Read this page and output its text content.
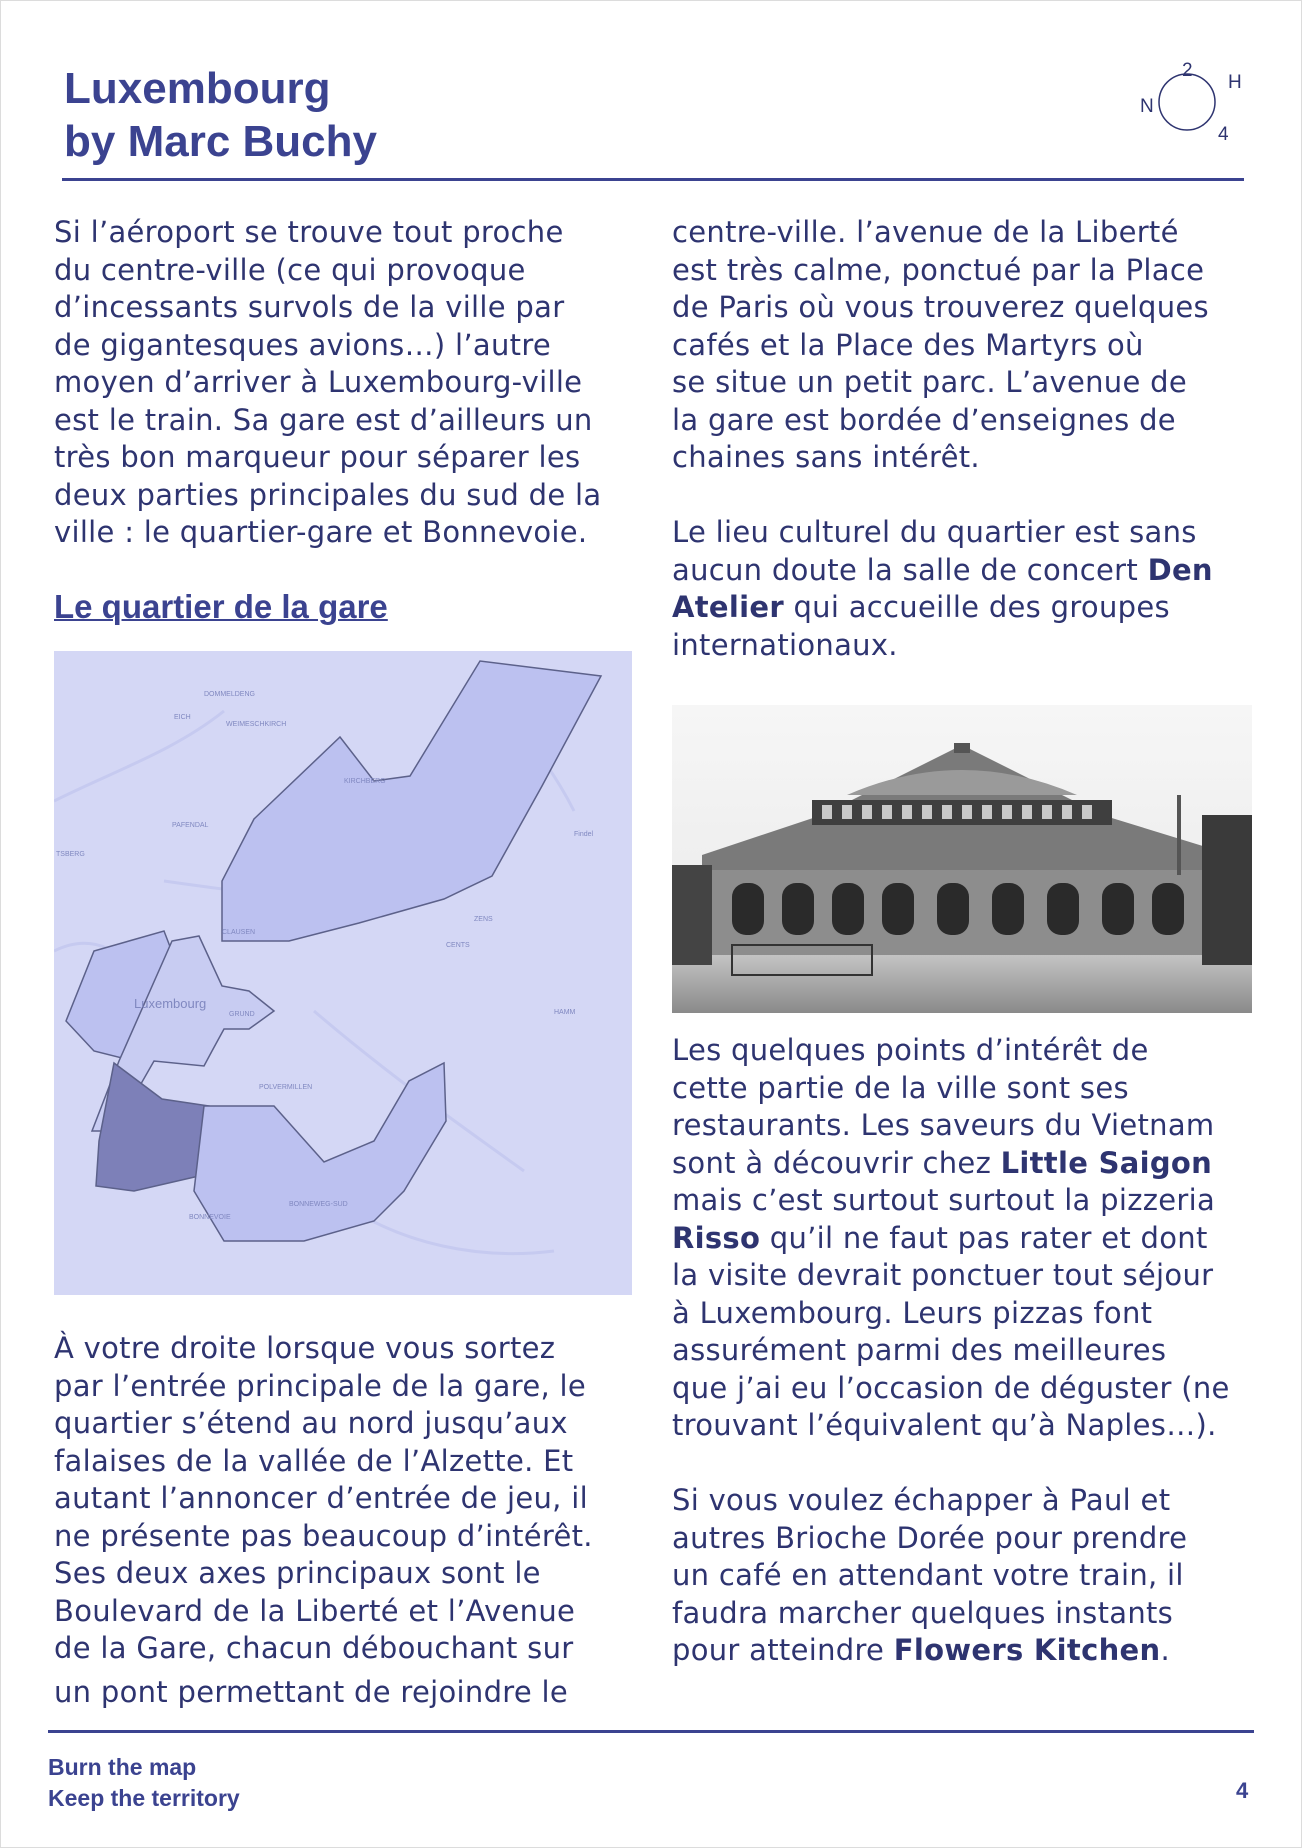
Luxembourg
by Marc Buchy
2
N
H
4
Si l’aéroport se trouve tout proche
du centre-ville (ce qui provoque
d’incessants survols de la ville par
de gigantesques avions…) l’autre
moyen d’arriver à Luxembourg-ville
est le train. Sa gare est d’ailleurs un
très bon marqueur pour séparer les
deux parties principales du sud de la
ville : le quartier-gare et Bonnevoie.
Le quartier de la gare
DOMMELDENG
EICH
WEIMESCHKIRCH
KIRCHBERG
PAFENDAL
TSBERG
Findel
CLAUSEN
ZENS
CENTS
GRUND	HAMM
POLVERMILLEN
BONNEWEG-SUD
BONNEVOIE
Luxembourg
À votre droite lorsque vous sortez
par l’entrée principale de la gare, le
quartier s’étend au nord jusqu’aux
falaises de la vallée de l’Alzette. Et
autant l’annoncer d’entrée de jeu, il
ne présente pas beaucoup d’intérêt.
Ses deux axes principaux sont le
Boulevard de la Liberté et l’Avenue
de la Gare, chacun débouchant sur
un pont permettant de rejoindre le
centre-ville. l’avenue de la Liberté
est très calme, ponctué par la Place
de Paris où vous trouverez quelques
cafés et la Place des Martyrs où
se situe un petit parc. L’avenue de
la gare est bordée d’enseignes de
chaines sans intérêt.
Le lieu culturel du quartier est sans
aucun doute la salle de concert Den
Atelier qui accueille des groupes
internationaux.
Les quelques points d’intérêt de
cette partie de la ville sont ses
restaurants. Les saveurs du Vietnam
sont à découvrir chez Little Saigon
mais c’est surtout surtout la pizzeria
Risso qu’il ne faut pas rater et dont
la visite devrait ponctuer tout séjour
à Luxembourg. Leurs pizzas font
assurément parmi des meilleures
que j’ai eu l’occasion de déguster (ne
trouvant l’équivalent qu’à Naples…).
Si vous voulez échapper à Paul et
autres Brioche Dorée pour prendre
un café en attendant votre train, il
faudra marcher quelques instants
pour atteindre Flowers Kitchen.
Burn the map
Keep the territory	4
